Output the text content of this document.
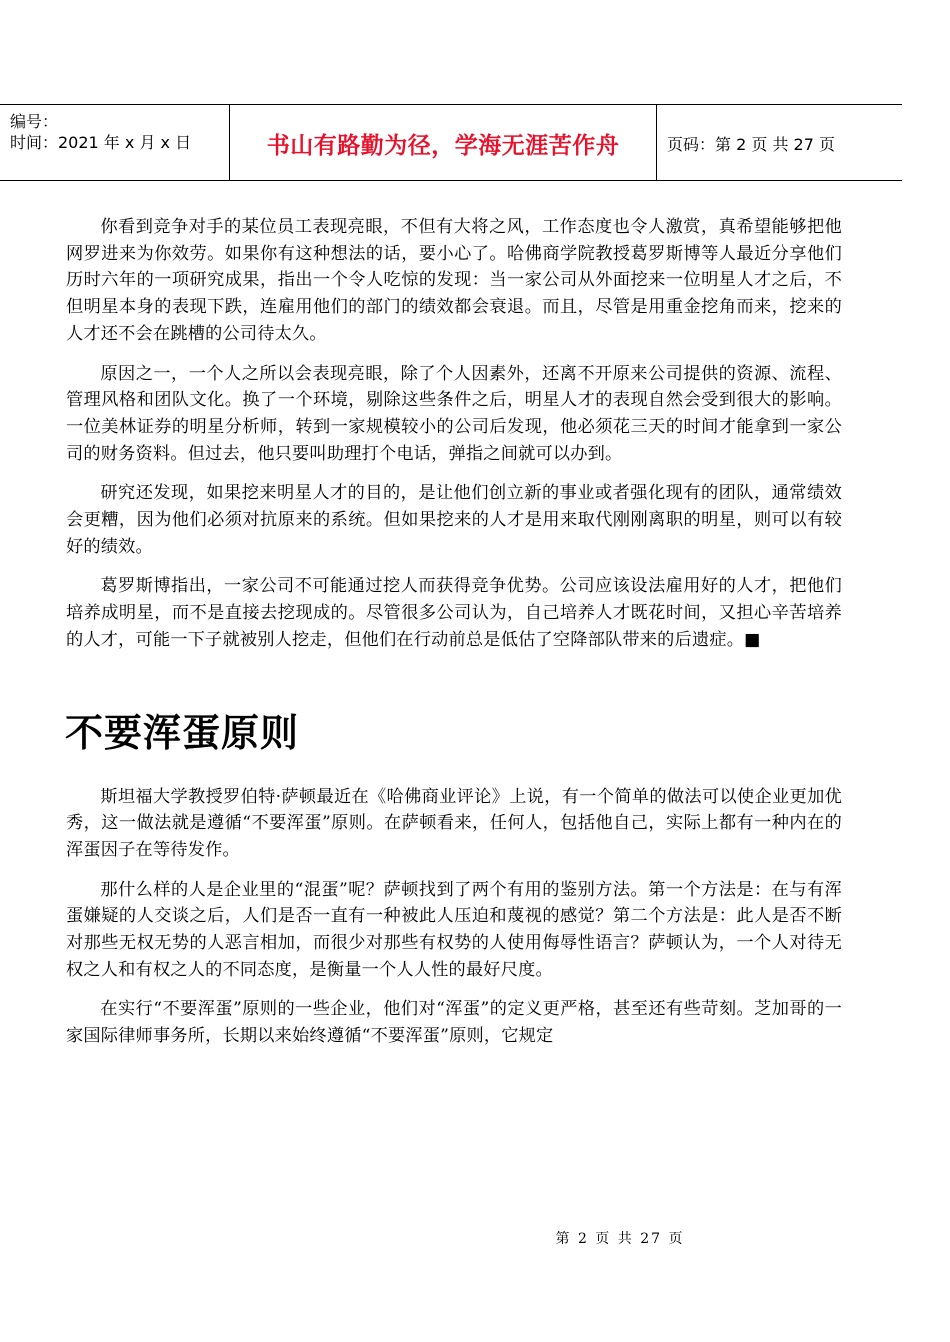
编号：
时间：2021 年 x 月 x 日	书山有路勤为径，学海无涯苦作舟	页码：第 2 页 共 27 页

你看到竞争对手的某位员工表现亮眼，不但有大将之风，工作态度也令人激赏，真希望能够把他网罗进来为你效劳。如果你有这种想法的话，要小心了。哈佛商学院教授葛罗斯博等人最近分享他们历时六年的一项研究成果，指出一个令人吃惊的发现：当一家公司从外面挖来一位明星人才之后，不但明星本身的表现下跌，连雇用他们的部门的绩效都会衰退。而且，尽管是用重金挖角而来，挖来的人才还不会在跳槽的公司待太久。

原因之一，一个人之所以会表现亮眼，除了个人因素外，还离不开原来公司提供的资源、流程、管理风格和团队文化。换了一个环境，剔除这些条件之后，明星人才的表现自然会受到很大的影响。一位美林证券的明星分析师，转到一家规模较小的公司后发现，他必须花三天的时间才能拿到一家公司的财务资料。但过去，他只要叫助理打个电话，弹指之间就可以办到。

研究还发现，如果挖来明星人才的目的，是让他们创立新的事业或者强化现有的团队，通常绩效会更糟，因为他们必须对抗原来的系统。但如果挖来的人才是用来取代刚刚离职的明星，则可以有较好的绩效。

葛罗斯博指出，一家公司不可能通过挖人而获得竞争优势。公司应该设法雇用好的人才，把他们培养成明星，而不是直接去挖现成的。尽管很多公司认为，自己培养人才既花时间，又担心辛苦培养的人才，可能一下子就被别人挖走，但他们在行动前总是低估了空降部队带来的后遗症。■

不要浑蛋原则

斯坦福大学教授罗伯特·萨顿最近在《哈佛商业评论》上说，有一个简单的做法可以使企业更加优秀，这一做法就是遵循“不要浑蛋”原则。在萨顿看来，任何人，包括他自己，实际上都有一种内在的浑蛋因子在等待发作。

那什么样的人是企业里的“混蛋”呢？萨顿找到了两个有用的鉴别方法。第一个方法是：在与有浑蛋嫌疑的人交谈之后，人们是否一直有一种被此人压迫和蔑视的感觉？第二个方法是：此人是否不断对那些无权无势的人恶言相加，而很少对那些有权势的人使用侮辱性语言？萨顿认为，一个人对待无权之人和有权之人的不同态度，是衡量一个人人性的最好尺度。

在实行“不要浑蛋”原则的一些企业，他们对“浑蛋”的定义更严格，甚至还有些苛刻。芝加哥的一家国际律师事务所，长期以来始终遵循“不要浑蛋”原则，它规定

第 2 页 共 27 页
